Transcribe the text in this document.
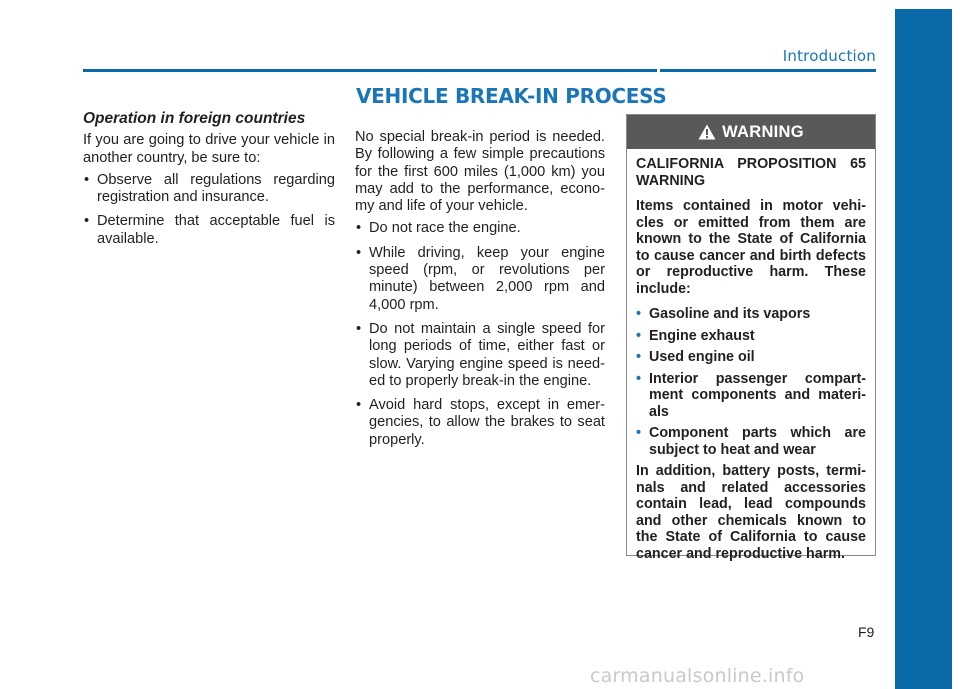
Introduction
VEHICLE BREAK-IN PROCESS
Operation in foreign countries

If you are going to drive your vehicle in another country, be sure to:

• Observe all regulations regarding registration and insurance.
• Determine that acceptable fuel is available.

No special break-in period is needed. By following a few simple precautions for the first 600 miles (1,000 km) you may add to the performance, econo-my and life of your vehicle.

• Do not race the engine.
• While driving, keep your engine speed (rpm, or revolutions per minute) between 2,000 rpm and 4,000 rpm.
• Do not maintain a single speed for long periods of time, either fast or slow. Varying engine speed is need-ed to properly break-in the engine.
• Avoid hard stops, except in emer-gencies, to allow the brakes to seat properly.
WARNING

CALIFORNIA PROPOSITION 65 WARNING

Items contained in motor vehi-cles or emitted from them are known to the State of California to cause cancer and birth defects or reproductive harm. These include:

• Gasoline and its vapors
• Engine exhaust
• Used engine oil
• Interior passenger compart-ment components and materi-als
• Component parts which are subject to heat and wear

In addition, battery posts, termi-nals and related accessories contain lead, lead compounds and other chemicals known to the State of California to cause cancer and reproductive harm.

F9
carmanualsonline.info
